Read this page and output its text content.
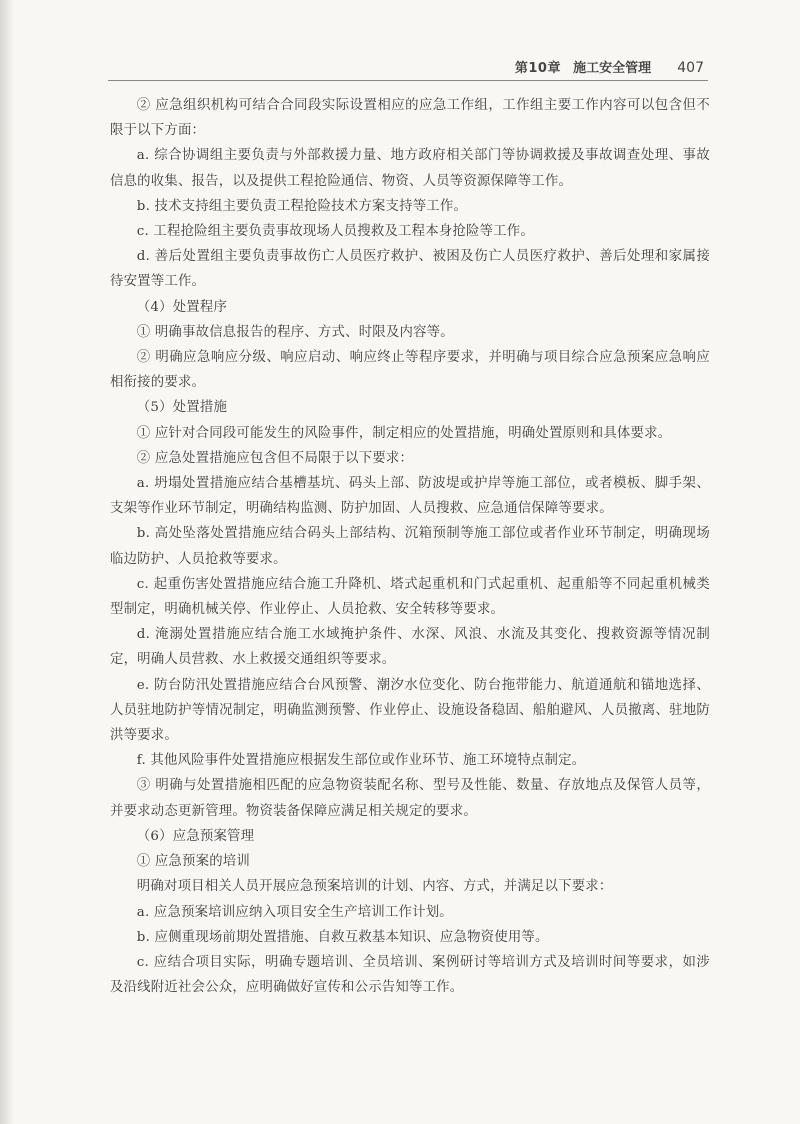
第10章 施工安全管理 407

② 应急组织机构可结合合同段实际设置相应的应急工作组，工作组主要工作内容可以包含但不限于以下方面：

a. 综合协调组主要负责与外部救援力量、地方政府相关部门等协调救援及事故调查处理、事故信息的收集、报告，以及提供工程抢险通信、物资、人员等资源保障等工作。

b. 技术支持组主要负责工程抢险技术方案支持等工作。

c. 工程抢险组主要负责事故现场人员搜救及工程本身抢险等工作。

d. 善后处置组主要负责事故伤亡人员医疗救护、被困及伤亡人员医疗救护、善后处理和家属接待安置等工作。

（4）处置程序

① 明确事故信息报告的程序、方式、时限及内容等。

② 明确应急响应分级、响应启动、响应终止等程序要求，并明确与项目综合应急预案应急响应相衔接的要求。

（5）处置措施

① 应针对合同段可能发生的风险事件，制定相应的处置措施，明确处置原则和具体要求。

② 应急处置措施应包含但不局限于以下要求：

a. 坍塌处置措施应结合基槽基坑、码头上部、防波堤或护岸等施工部位，或者模板、脚手架、支架等作业环节制定，明确结构监测、防护加固、人员搜救、应急通信保障等要求。

b. 高处坠落处置措施应结合码头上部结构、沉箱预制等施工部位或者作业环节制定，明确现场临边防护、人员抢救等要求。

c. 起重伤害处置措施应结合施工升降机、塔式起重机和门式起重机、起重船等不同起重机械类型制定，明确机械关停、作业停止、人员抢救、安全转移等要求。

d. 淹溺处置措施应结合施工水域掩护条件、水深、风浪、水流及其变化、搜救资源等情况制定，明确人员营救、水上救援交通组织等要求。

e. 防台防汛处置措施应结合台风预警、潮汐水位变化、防台拖带能力、航道通航和锚地选择、人员驻地防护等情况制定，明确监测预警、作业停止、设施设备稳固、船舶避风、人员撤离、驻地防洪等要求。

f. 其他风险事件处置措施应根据发生部位或作业环节、施工环境特点制定。

③ 明确与处置措施相匹配的应急物资装配名称、型号及性能、数量、存放地点及保管人员等，并要求动态更新管理。物资装备保障应满足相关规定的要求。

（6）应急预案管理

① 应急预案的培训

明确对项目相关人员开展应急预案培训的计划、内容、方式，并满足以下要求：

a. 应急预案培训应纳入项目安全生产培训工作计划。

b. 应侧重现场前期处置措施、自救互救基本知识、应急物资使用等。

c. 应结合项目实际，明确专题培训、全员培训、案例研讨等培训方式及培训时间等要求，如涉及沿线附近社会公众，应明确做好宣传和公示告知等工作。
